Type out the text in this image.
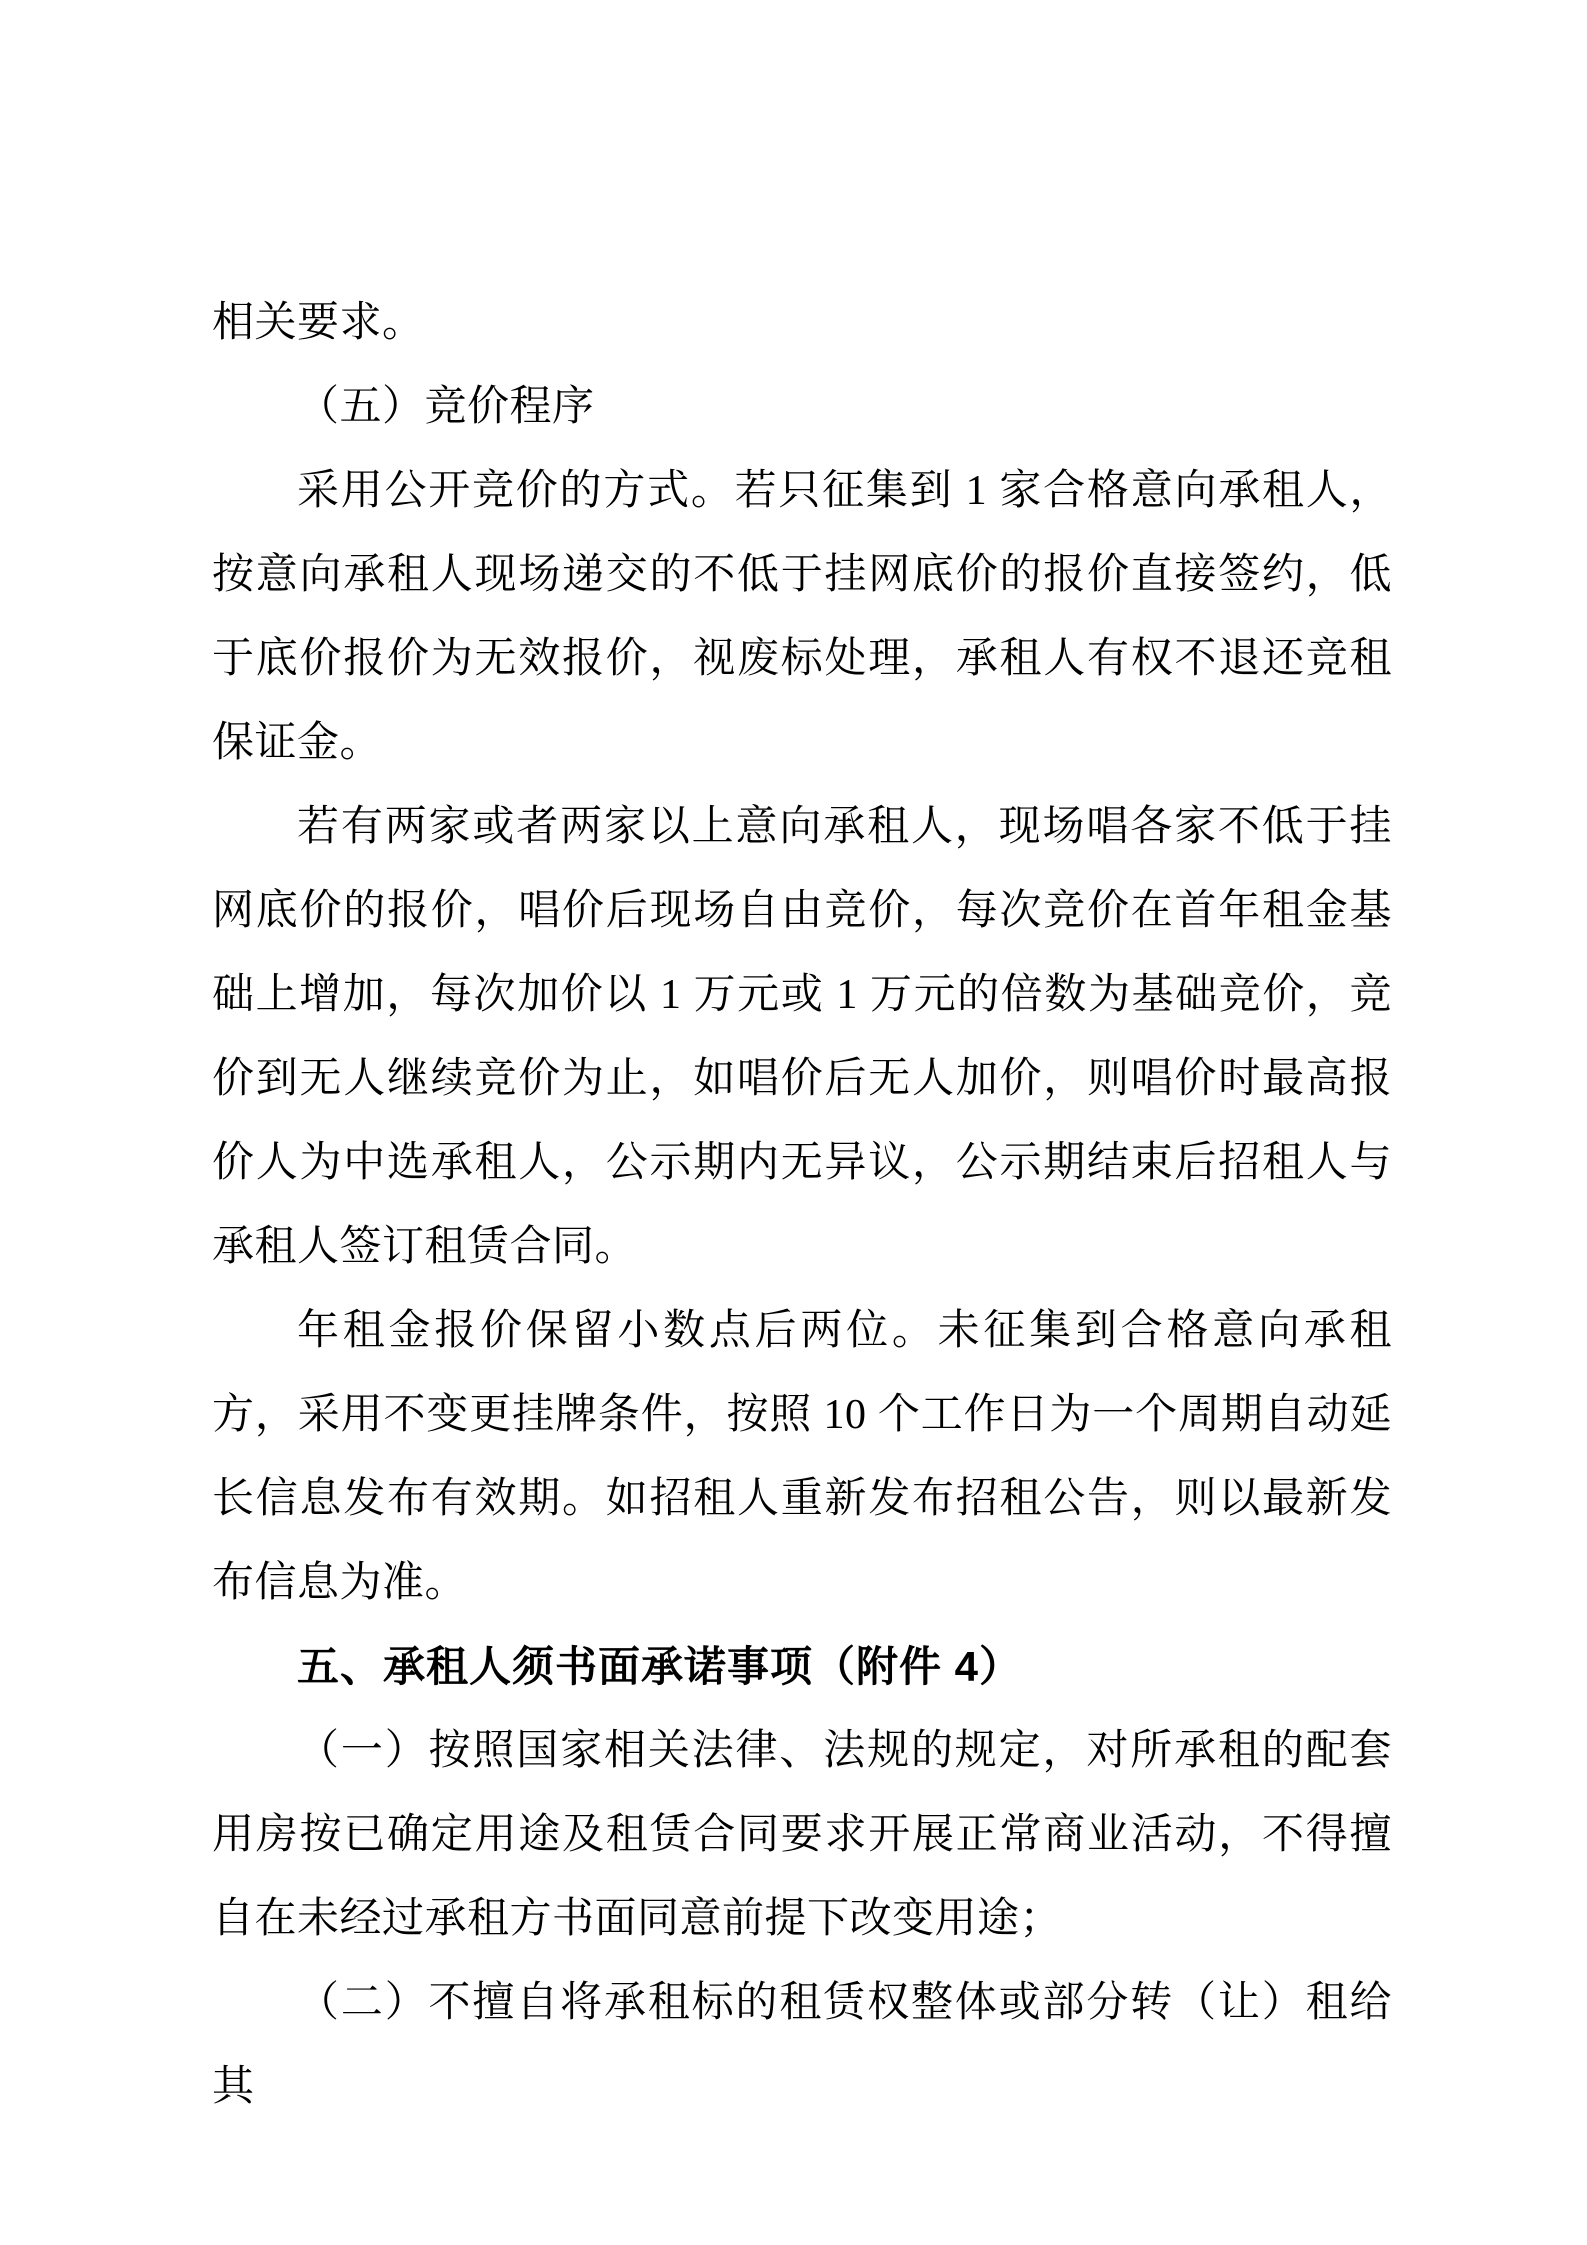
相关要求。

（五）竞价程序

采用公开竞价的方式。若只征集到 1 家合格意向承租人，按意向承租人现场递交的不低于挂网底价的报价直接签约，低于底价报价为无效报价，视废标处理，承租人有权不退还竞租保证金。

若有两家或者两家以上意向承租人，现场唱各家不低于挂网底价的报价，唱价后现场自由竞价，每次竞价在首年租金基础上增加，每次加价以 1 万元或 1 万元的倍数为基础竞价，竞价到无人继续竞价为止，如唱价后无人加价，则唱价时最高报价人为中选承租人，公示期内无异议，公示期结束后招租人与承租人签订租赁合同。

年租金报价保留小数点后两位。未征集到合格意向承租方，采用不变更挂牌条件，按照 10 个工作日为一个周期自动延长信息发布有效期。如招租人重新发布招租公告，则以最新发布信息为准。

五、承租人须书面承诺事项（附件 4）

（一）按照国家相关法律、法规的规定，对所承租的配套用房按已确定用途及租赁合同要求开展正常商业活动，不得擅自在未经过承租方书面同意前提下改变用途；

（二）不擅自将承租标的租赁权整体或部分转（让）租给其
